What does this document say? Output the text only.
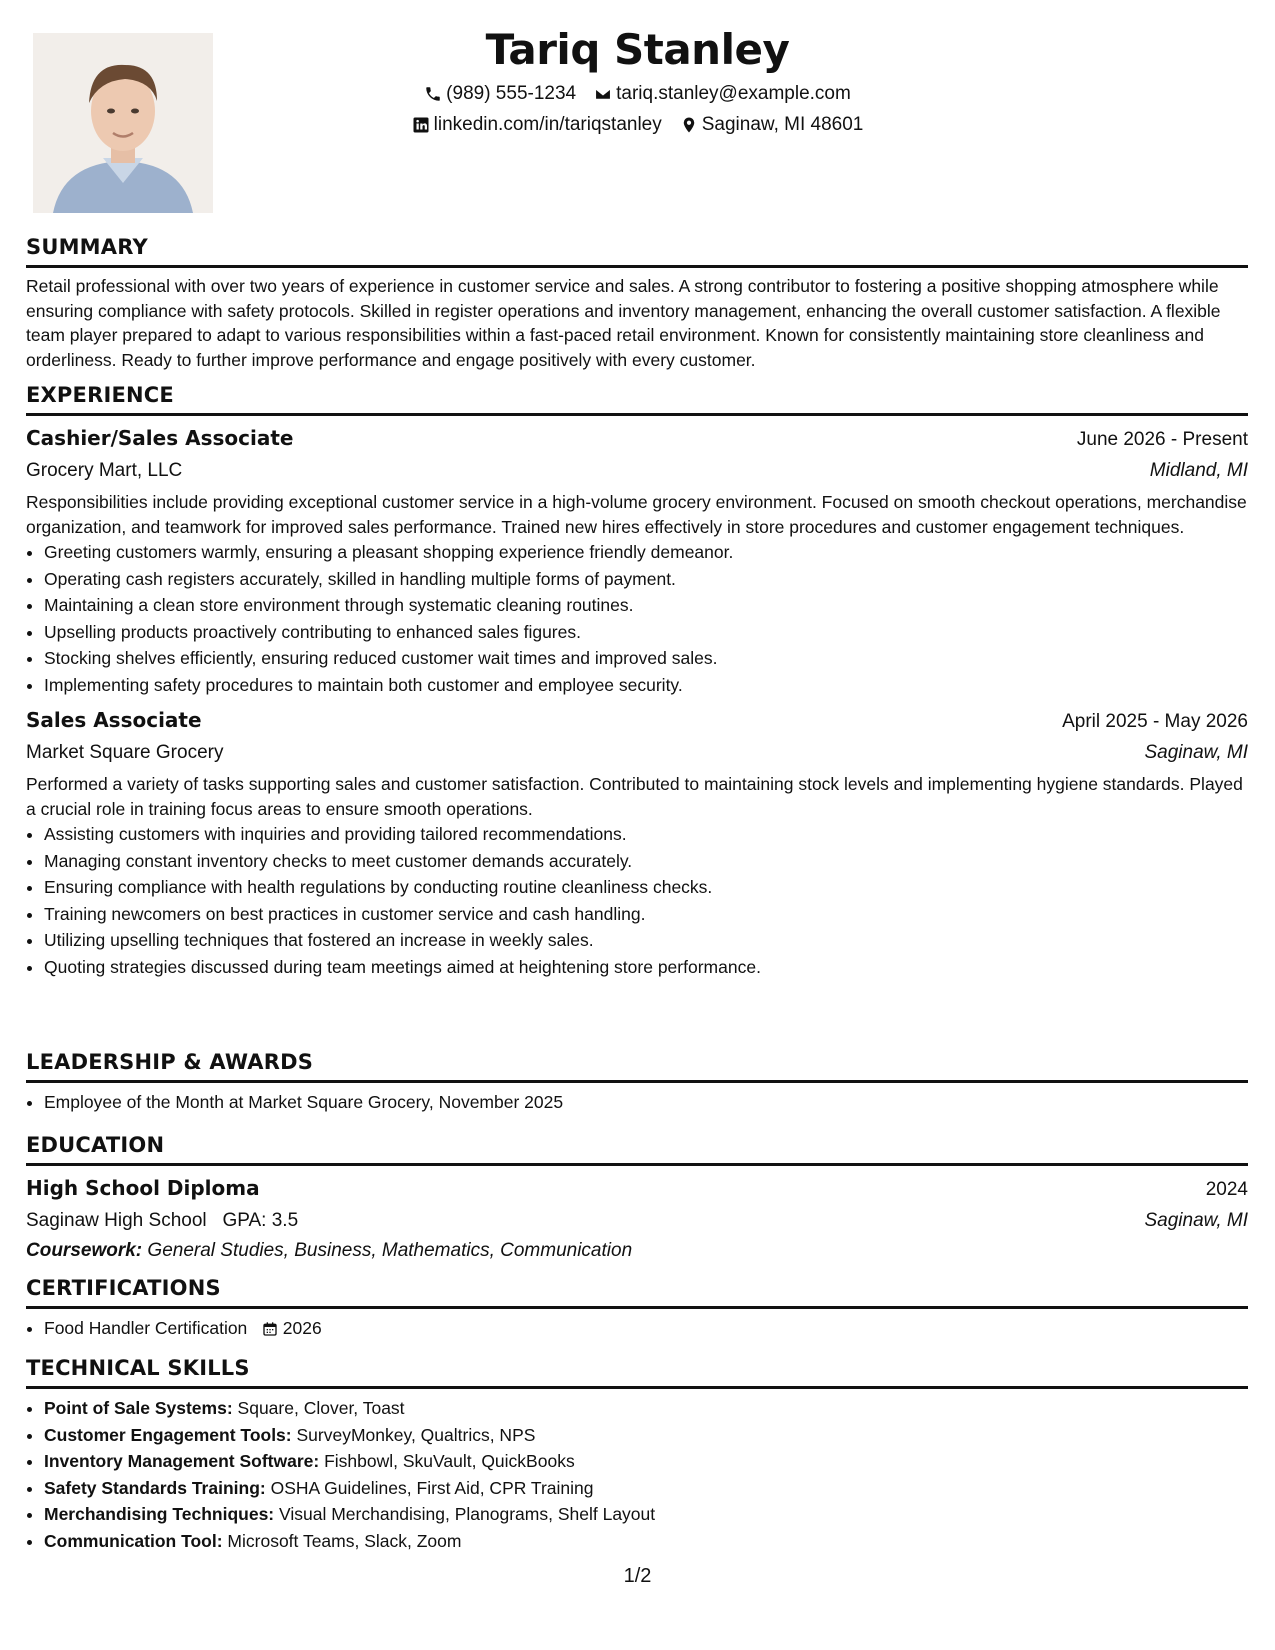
Tariq Stanley
(989) 555-1234 tariq.stanley@example.com
linkedin.com/in/tariqstanley Saginaw, MI 48601
SUMMARY

Retail professional with over two years of experience in customer service and sales. A strong contributor to fostering a positive shopping atmosphere while ensuring compliance with safety protocols. Skilled in register operations and inventory management, enhancing the overall customer satisfaction. A flexible team player prepared to adapt to various responsibilities within a fast-paced retail environment. Known for consistently maintaining store cleanliness and orderliness. Ready to further improve performance and engage positively with every customer.

EXPERIENCE
Cashier/Sales Associate	June 2026 - Present
Grocery Mart, LLC	Midland, MI

Responsibilities include providing exceptional customer service in a high-volume grocery environment. Focused on smooth checkout operations, merchandise organization, and teamwork for improved sales performance. Trained new hires effectively in store procedures and customer engagement techniques.

• Greeting customers warmly, ensuring a pleasant shopping experience friendly demeanor.
• Operating cash registers accurately, skilled in handling multiple forms of payment.
• Maintaining a clean store environment through systematic cleaning routines.
• Upselling products proactively contributing to enhanced sales figures.
• Stocking shelves efficiently, ensuring reduced customer wait times and improved sales.
• Implementing safety procedures to maintain both customer and employee security.
Sales Associate	April 2025 - May 2026
Market Square Grocery	Saginaw, MI

Performed a variety of tasks supporting sales and customer satisfaction. Contributed to maintaining stock levels and implementing hygiene standards. Played a crucial role in training focus areas to ensure smooth operations.

• Assisting customers with inquiries and providing tailored recommendations.
• Managing constant inventory checks to meet customer demands accurately.
• Ensuring compliance with health regulations by conducting routine cleanliness checks.
• Training newcomers on best practices in customer service and cash handling.
• Utilizing upselling techniques that fostered an increase in weekly sales.
• Quoting strategies discussed during team meetings aimed at heightening store performance.
LEADERSHIP & AWARDS
• Employee of the Month at Market Square Grocery, November 2025
EDUCATION
High School Diploma	2024
Saginaw High School GPA: 3.5	Saginaw, MI
Coursework: General Studies, Business, Mathematics, Communication
CERTIFICATIONS
• Food Handler Certification 2026
TECHNICAL SKILLS
• Point of Sale Systems: Square, Clover, Toast
• Customer Engagement Tools: SurveyMonkey, Qualtrics, NPS
• Inventory Management Software: Fishbowl, SkuVault, QuickBooks
• Safety Standards Training: OSHA Guidelines, First Aid, CPR Training
• Merchandising Techniques: Visual Merchandising, Planograms, Shelf Layout
• Communication Tool: Microsoft Teams, Slack, Zoom
1/2
